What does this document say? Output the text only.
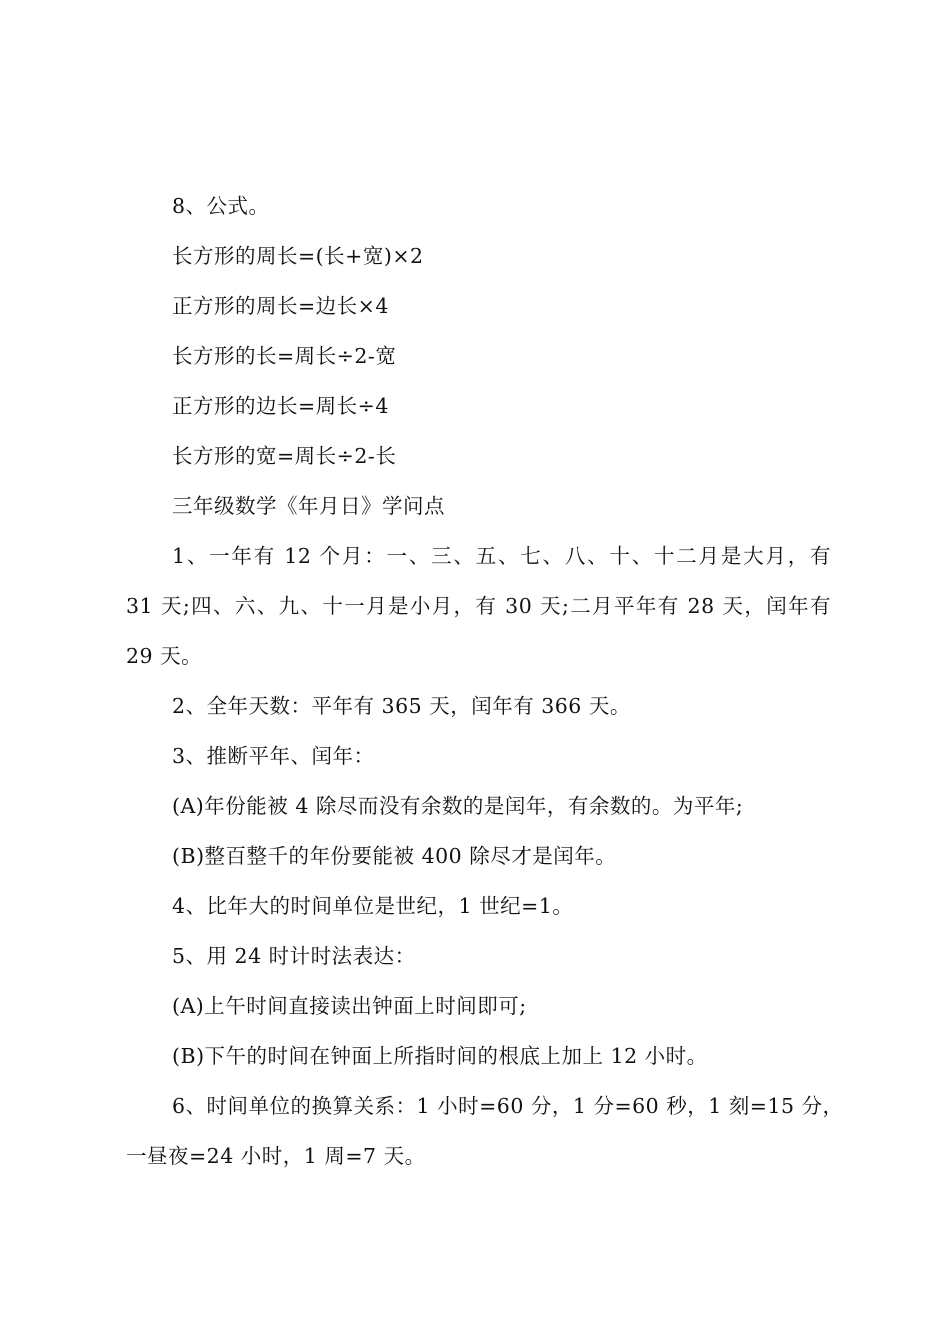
8、公式。
长方形的周长=(长+宽)×2
正方形的周长=边长×4
长方形的长=周长÷2-宽
正方形的边长=周长÷4
长方形的宽=周长÷2-长
三年级数学《年月日》学问点
1、一年有 12 个月：一、三、五、七、八、十、十二月是大月，有
31 天;四、六、九、十一月是小月，有 30 天;二月平年有 28 天，闰年有
29 天。
2、全年天数：平年有 365 天，闰年有 366 天。
3、推断平年、闰年：
(A)年份能被 4 除尽而没有余数的是闰年，有余数的。为平年;
(B)整百整千的年份要能被 400 除尽才是闰年。
4、比年大的时间单位是世纪，1 世纪=1。
5、用 24 时计时法表达：
(A)上午时间直接读出钟面上时间即可;
(B)下午的时间在钟面上所指时间的根底上加上 12 小时。
6、时间单位的换算关系：1 小时=60 分，1 分=60 秒，1 刻=15 分，
一昼夜=24 小时，1 周=7 天。
